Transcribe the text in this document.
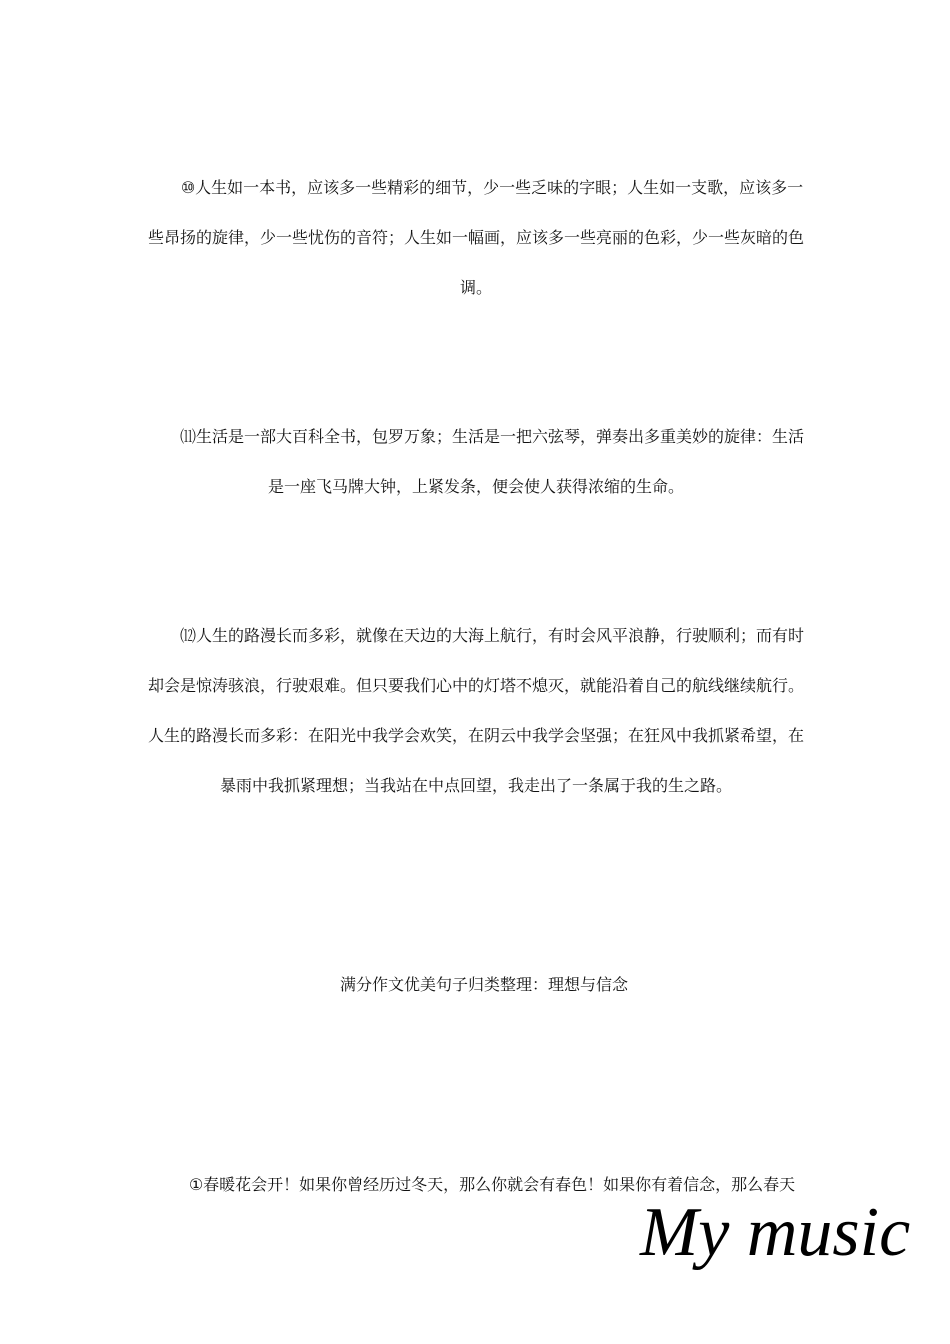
⑩人生如一本书，应该多一些精彩的细节，少一些乏味的字眼；人生如一支歌，应该多一些昂扬的旋律，少一些忧伤的音符；人生如一幅画，应该多一些亮丽的色彩，少一些灰暗的色调。

⑾生活是一部大百科全书，包罗万象；生活是一把六弦琴，弹奏出多重美妙的旋律：生活是一座飞马牌大钟，上紧发条，便会使人获得浓缩的生命。

⑿人生的路漫长而多彩，就像在天边的大海上航行，有时会风平浪静，行驶顺利；而有时却会是惊涛骇浪，行驶艰难。但只要我们心中的灯塔不熄灭，就能沿着自己的航线继续航行。人生的路漫长而多彩：在阳光中我学会欢笑，在阴云中我学会坚强；在狂风中我抓紧希望，在暴雨中我抓紧理想；当我站在中点回望，我走出了一条属于我的生之路。

满分作文优美句子归类整理：理想与信念

①春暖花会开！如果你曾经历过冬天，那么你就会有春色！如果你有着信念，那么春天

My music
